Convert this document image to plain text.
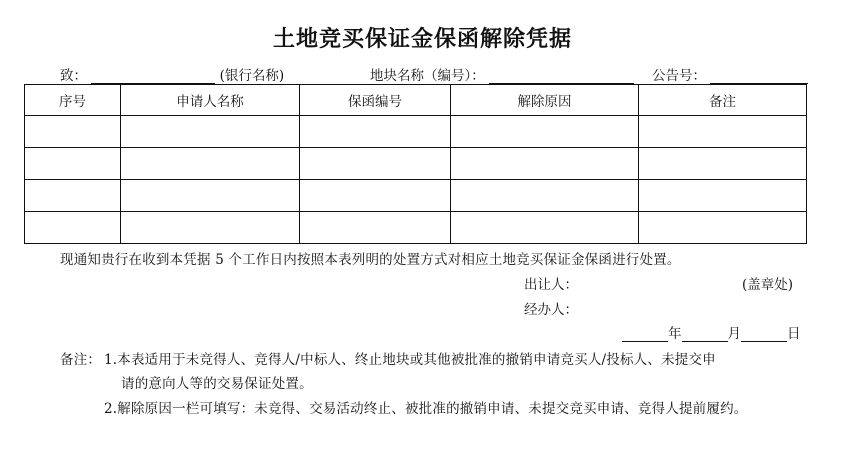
土地竞买保证金保函解除凭据
致：	(银行名称)	地块名称（编号）：	公告号：
序号	申请人名称	保函编号	解除原因	备注

现通知贵行在收到本凭据 5 个工作日内按照本表列明的处置方式对相应土地竞买保证金保函进行处置。
出让人：	(盖章处)
经办人：
年	月	日
备注： 1.本表适用于未竞得人、竞得人/中标人、终止地块或其他被批准的撤销申请竞买人/投标人、未提交申
请的意向人等的交易保证处置。
2.解除原因一栏可填写：未竞得、交易活动终止、被批准的撤销申请、未提交竞买申请、竞得人提前履约。
